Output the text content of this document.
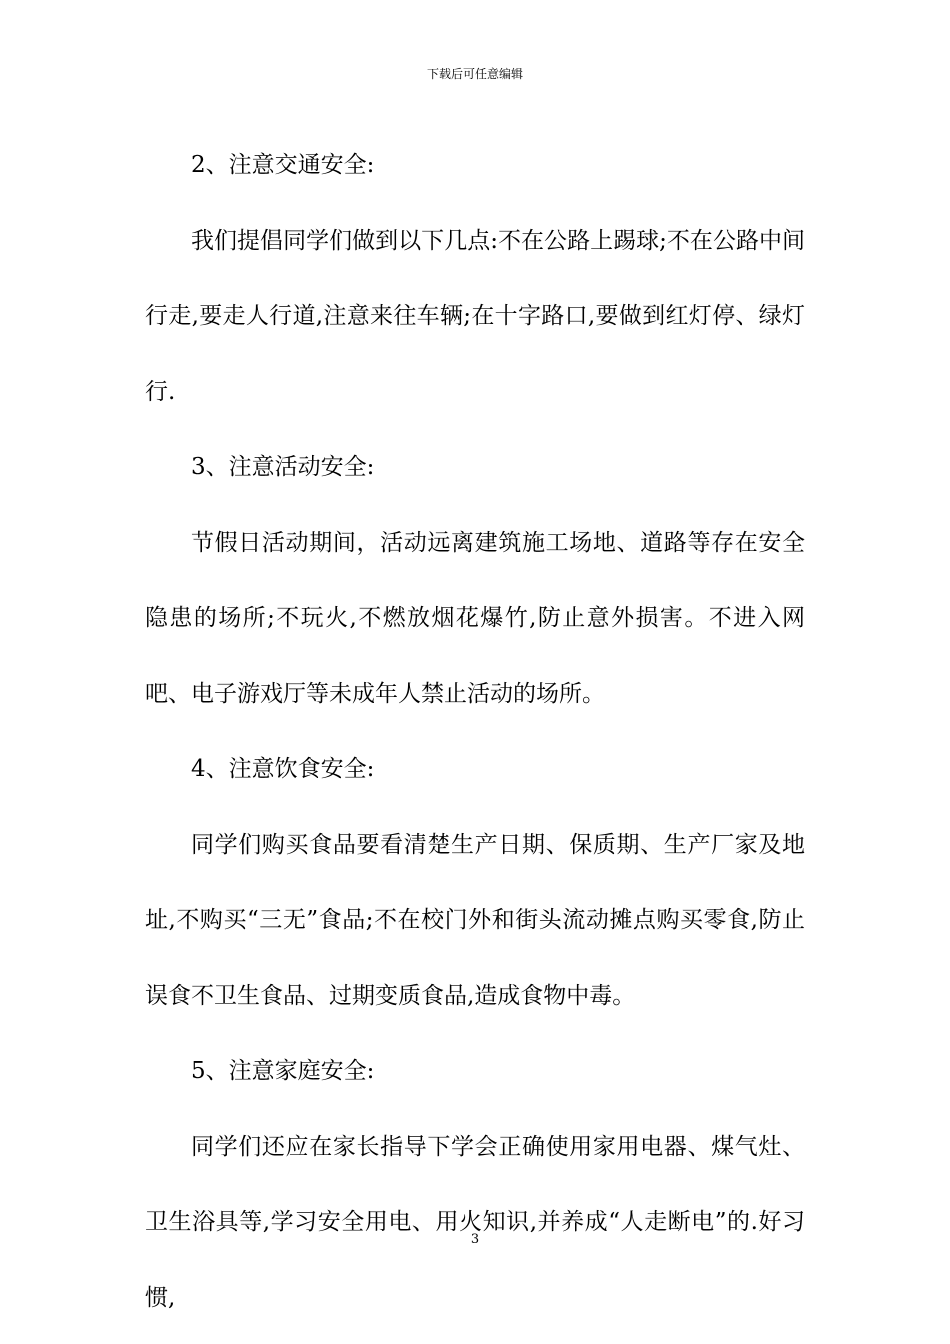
下载后可任意编辑

2、注意交通安全:

我们提倡同学们做到以下几点:不在公路上踢球;不在公路中间行走,要走人行道,注意来往车辆;在十字路口,要做到红灯停、绿灯行.

3、注意活动安全:

节假日活动期间，活动远离建筑施工场地、道路等存在安全隐患的场所;不玩火,不燃放烟花爆竹,防止意外损害。不进入网吧、电子游戏厅等未成年人禁止活动的场所。

4、注意饮食安全:

同学们购买食品要看清楚生产日期、保质期、生产厂家及地址,不购买“三无”食品;不在校门外和街头流动摊点购买零食,防止误食不卫生食品、过期变质食品,造成食物中毒。

5、注意家庭安全:

同学们还应在家长指导下学会正确使用家用电器、煤气灶、卫生浴具等,学习安全用电、用火知识,并养成“人走断电”的.好习惯,

3
